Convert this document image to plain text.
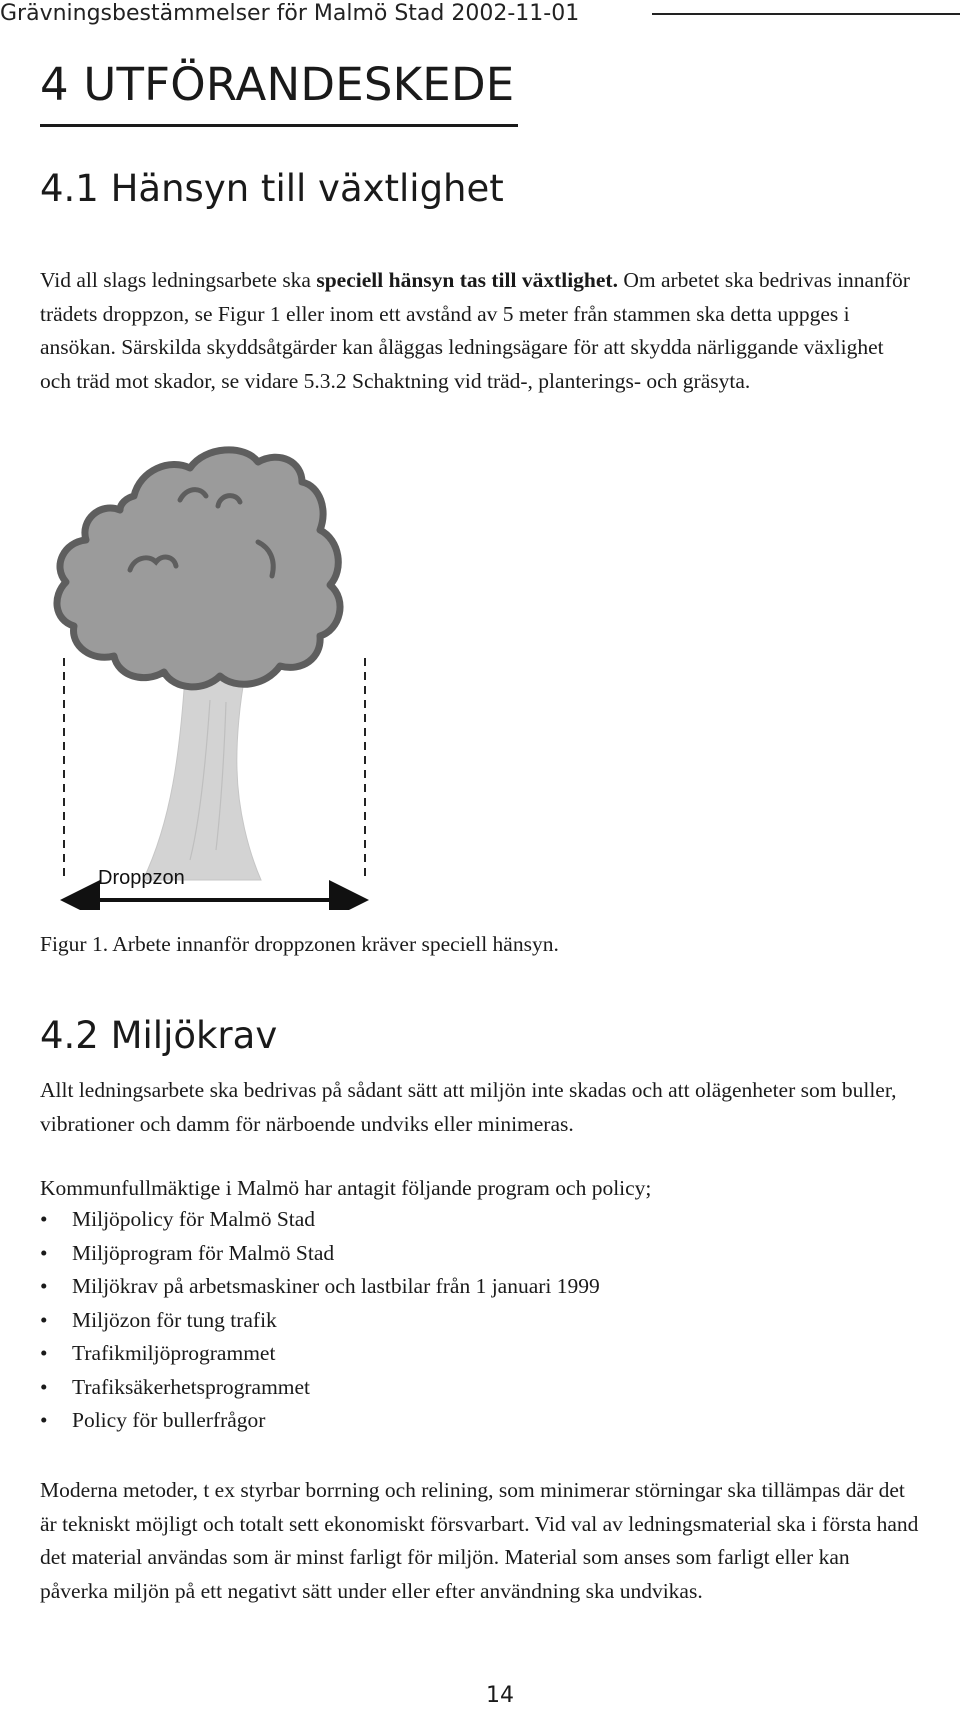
Grävningsbestämmelser för Malmö Stad 2002-11-01
4 UTFÖRANDESKEDE
4.1 Hänsyn till växtlighet

Vid all slags ledningsarbete ska speciell hänsyn tas till växtlighet. Om arbetet ska bedrivas innanför trädets droppzon, se Figur 1 eller inom ett avstånd av 5 meter från stammen ska detta uppges i ansökan. Särskilda skyddsåtgärder kan åläggas ledningsägare för att skydda närliggande växlighet och träd mot skador, se vidare 5.3.2 Schaktning vid träd-, planterings- och gräsyta.

Droppzon

Figur 1. Arbete innanför droppzonen kräver speciell hänsyn.

4.2 Miljökrav

Allt ledningsarbete ska bedrivas på sådant sätt att miljön inte skadas och att olägenheter som buller, vibrationer och damm för närboende undviks eller minimeras.

Kommunfullmäktige i Malmö har antagit följande program och policy;

• Miljöpolicy för Malmö Stad
• Miljöprogram för Malmö Stad
• Miljökrav på arbetsmaskiner och lastbilar från 1 januari 1999
• Miljözon för tung trafik
• Trafikmiljöprogrammet
• Trafiksäkerhetsprogrammet
• Policy för bullerfrågor

Moderna metoder, t ex styrbar borrning och relining, som minimerar störningar ska tillämpas där det är tekniskt möjligt och totalt sett ekonomiskt försvarbart. Vid val av ledningsmaterial ska i första hand det material användas som är minst farligt för miljön. Material som anses som farligt eller kan påverka miljön på ett negativt sätt under eller efter användning ska undvikas.

14
